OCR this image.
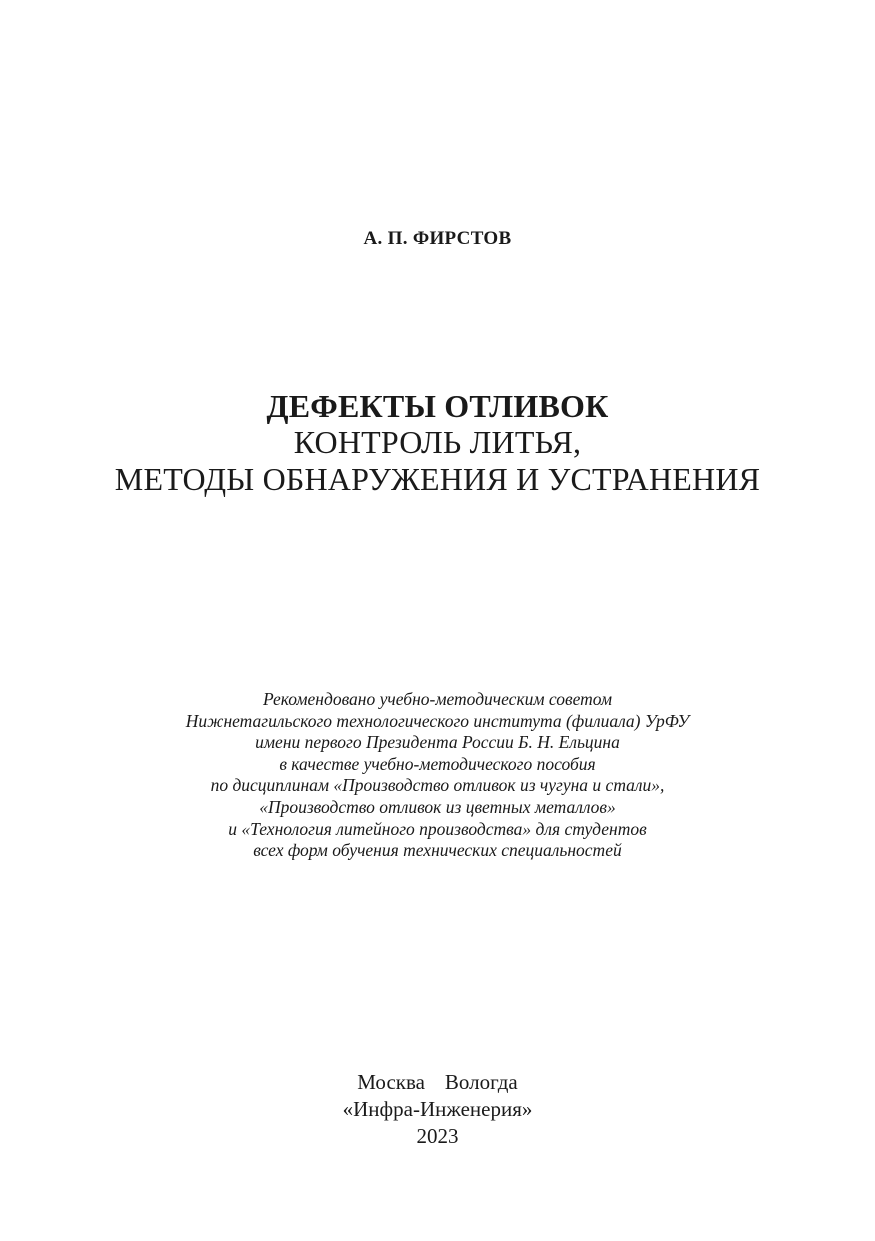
А. П. ФИРСТОВ
ДЕФЕКТЫ ОТЛИВОК
КОНТРОЛЬ ЛИТЬЯ,
МЕТОДЫ ОБНАРУЖЕНИЯ И УСТРАНЕНИЯ
Рекомендовано учебно-методическим советом
Нижнетагильского технологического института (филиала) УрФУ
имени первого Президента России Б. Н. Ельцина
в качестве учебно-методического пособия
по дисциплинам «Производство отливок из чугуна и стали»,
«Производство отливок из цветных металлов»
и «Технология литейного производства» для студентов
всех форм обучения технических специальностей
Москва Вологда
«Инфра-Инженерия»
2023
